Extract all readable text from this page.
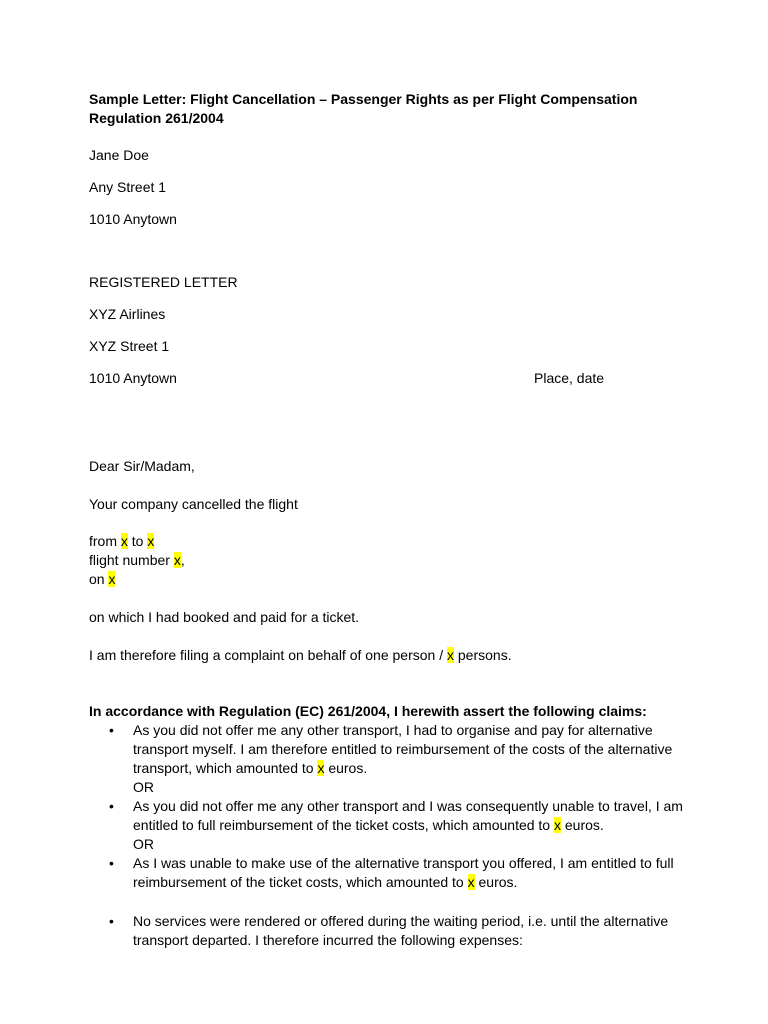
Sample Letter: Flight Cancellation – Passenger Rights as per Flight Compensation
Regulation 261/2004
Jane Doe
Any Street 1
1010 Anytown
REGISTERED LETTER
XYZ Airlines
XYZ Street 1
1010 Anytown	Place, date
Dear Sir/Madam,
Your company cancelled the flight
from x to x
flight number x,
on x
on which I had booked and paid for a ticket.
I am therefore filing a complaint on behalf of one person / x persons.
In accordance with Regulation (EC) 261/2004, I herewith assert the following claims:
• As you did not offer me any other transport, I had to organise and pay for alternative
transport myself. I am therefore entitled to reimbursement of the costs of the alternative
transport, which amounted to x euros.
OR
• As you did not offer me any other transport and I was consequently unable to travel, I am
entitled to full reimbursement of the ticket costs, which amounted to x euros.
OR
• As I was unable to make use of the alternative transport you offered, I am entitled to full
reimbursement of the ticket costs, which amounted to x euros.
• No services were rendered or offered during the waiting period, i.e. until the alternative
transport departed. I therefore incurred the following expenses:
